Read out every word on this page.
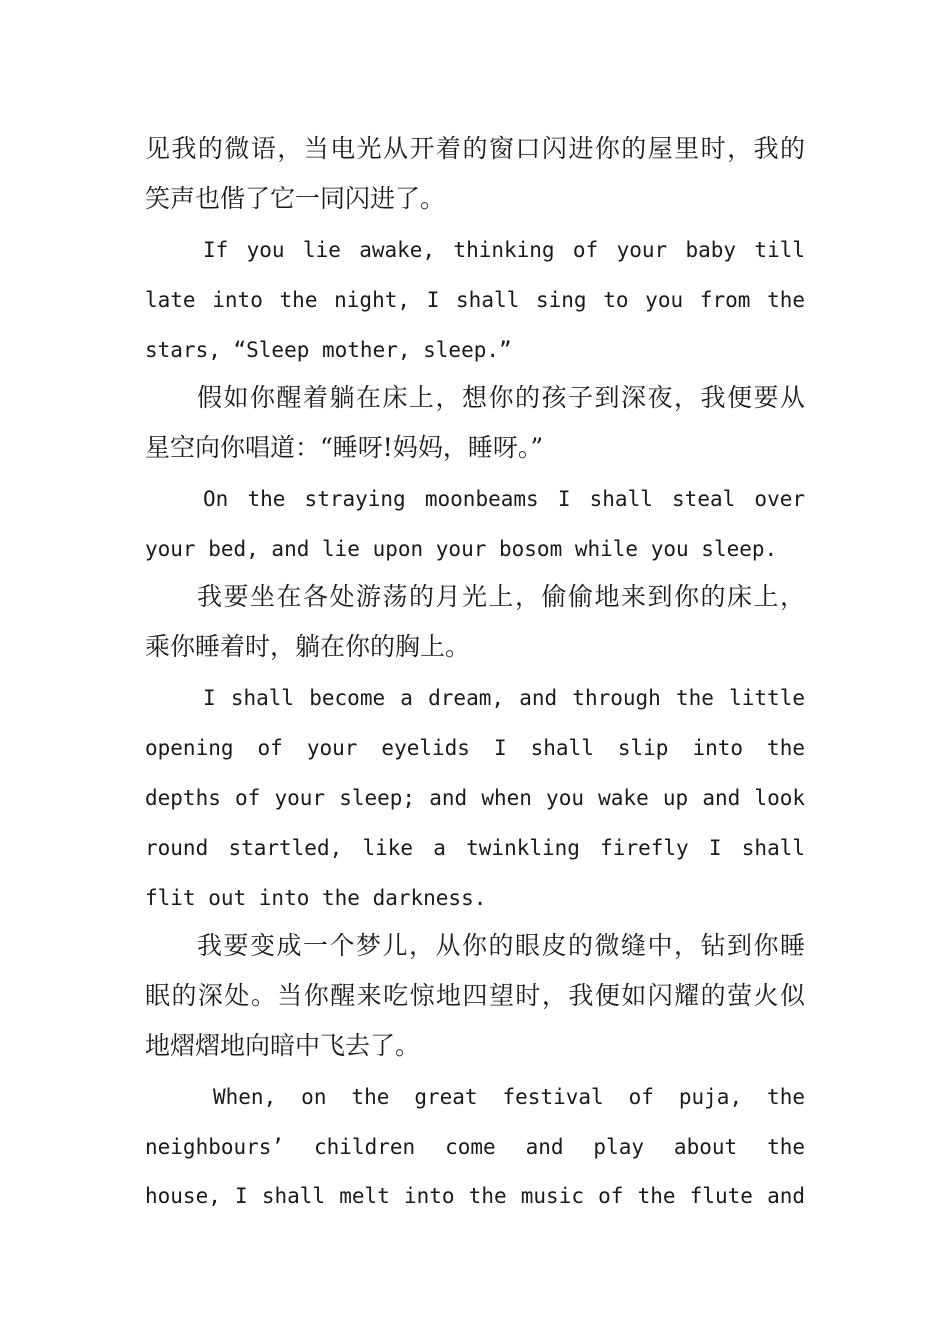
见我的微语，当电光从开着的窗口闪进你的屋里时，我的
笑声也偕了它一同闪进了。
If you lie awake, thinking of your baby till
late into the night, I shall sing to you from the
stars, “Sleep mother, sleep.”
假如你醒着躺在床上，想你的孩子到深夜，我便要从
星空向你唱道：“睡呀!妈妈，睡呀。”
On the straying moonbeams I shall steal over
your bed, and lie upon your bosom while you sleep.
我要坐在各处游荡的月光上，偷偷地来到你的床上，
乘你睡着时，躺在你的胸上。
I shall become a dream, and through the little
opening of your eyelids I shall slip into the
depths of your sleep; and when you wake up and look
round startled, like a twinkling firefly I shall
flit out into the darkness.
我要变成一个梦儿，从你的眼皮的微缝中，钻到你睡
眠的深处。当你醒来吃惊地四望时，我便如闪耀的萤火似
地熠熠地向暗中飞去了。
When, on the great festival of puja, the
neighbours’ children come and play about the
house, I shall melt into the music of the flute and
